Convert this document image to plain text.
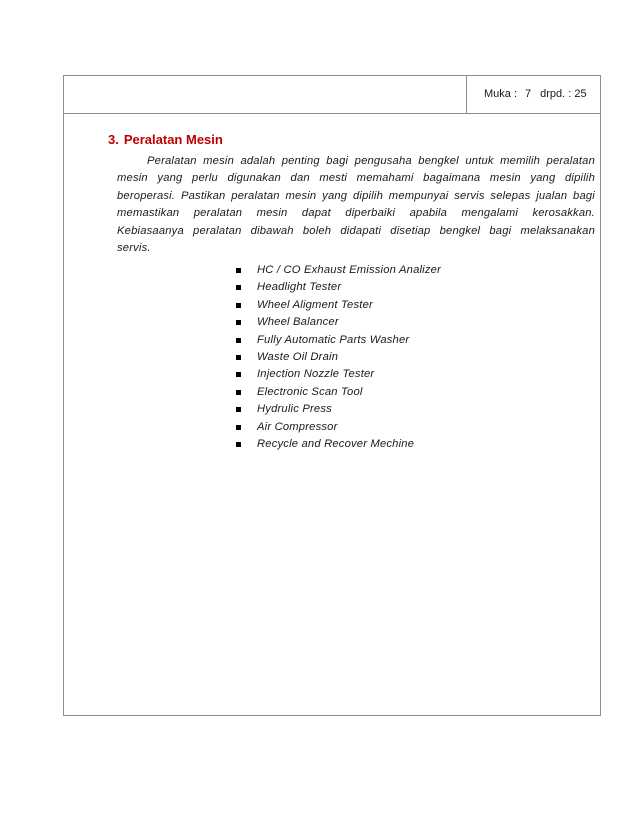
Muka : 7 drpd. : 25
3. Peralatan Mesin

Peralatan mesin adalah penting bagi pengusaha bengkel untuk memilih peralatan mesin yang perlu digunakan dan mesti memahami bagaimana mesin yang dipilih beroperasi. Pastikan peralatan mesin yang dipilih mempunyai servis selepas jualan bagi memastikan peralatan mesin dapat diperbaiki apabila mengalami kerosakkan. Kebiasaanya peralatan dibawah boleh didapati disetiap bengkel bagi melaksanakan servis.

HC / CO Exhaust Emission Analizer
Headlight Tester
Wheel Aligment Tester
Wheel Balancer
Fully Automatic Parts Washer
Waste Oil Drain
Injection Nozzle Tester
Electronic Scan Tool
Hydrulic Press
Air Compressor
Recycle and Recover Mechine
